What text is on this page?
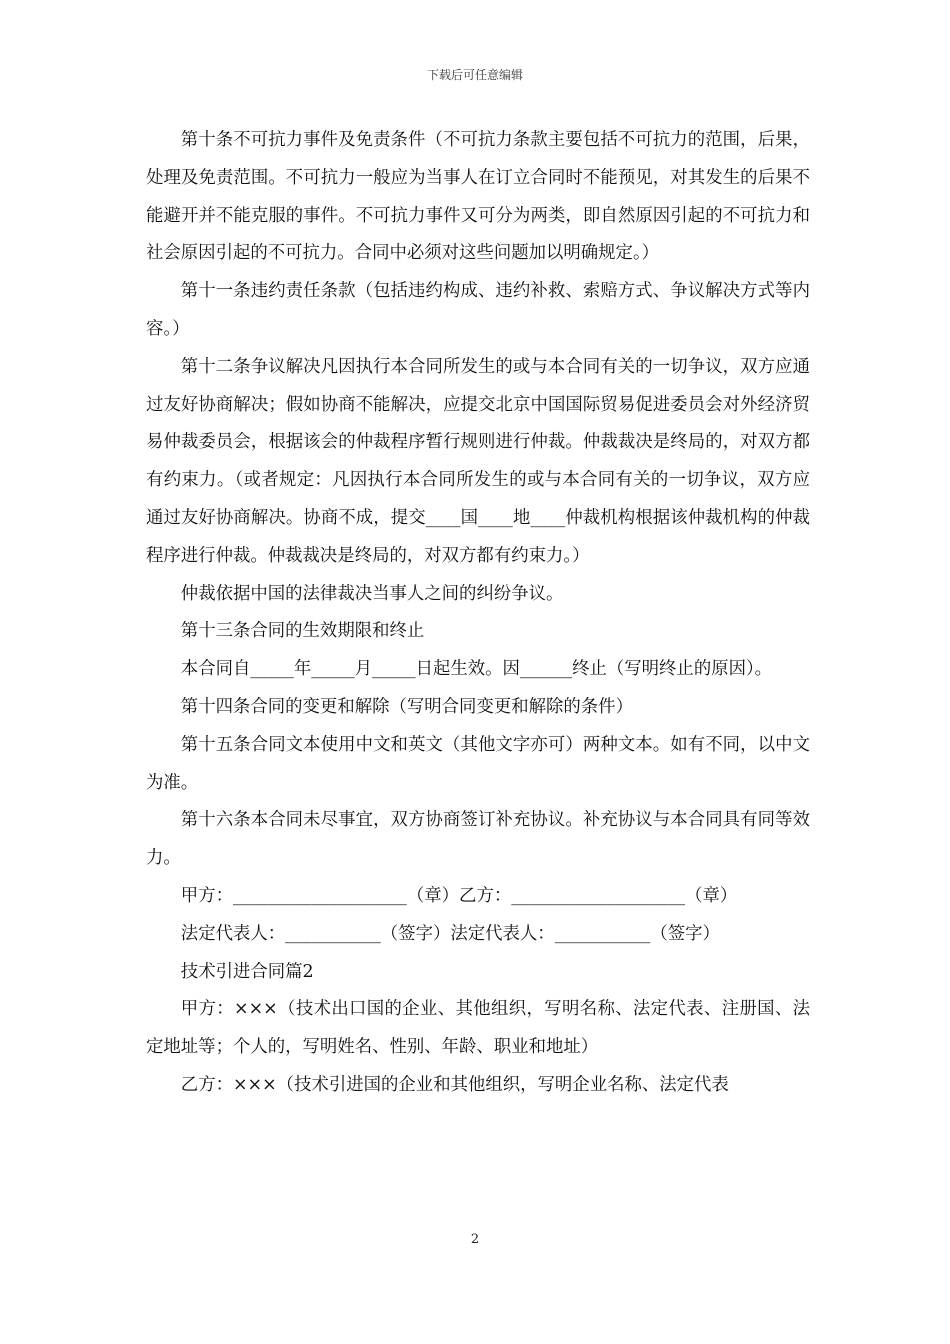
下载后可任意编辑

第十条不可抗力事件及免责条件（不可抗力条款主要包括不可抗力的范围，后果，处理及免责范围。不可抗力一般应为当事人在订立合同时不能预见，对其发生的后果不能避开并不能克服的事件。不可抗力事件又可分为两类，即自然原因引起的不可抗力和社会原因引起的不可抗力。合同中必须对这些问题加以明确规定。）

第十一条违约责任条款（包括违约构成、违约补救、索赔方式、争议解决方式等内容。）

第十二条争议解决凡因执行本合同所发生的或与本合同有关的一切争议，双方应通过友好协商解决；假如协商不能解决，应提交北京中国国际贸易促进委员会对外经济贸易仲裁委员会，根据该会的仲裁程序暂行规则进行仲裁。仲裁裁决是终局的，对双方都有约束力。（或者规定：凡因执行本合同所发生的或与本合同有关的一切争议，双方应通过友好协商解决。协商不成，提交____国____地____仲裁机构根据该仲裁机构的仲裁程序进行仲裁。仲裁裁决是终局的，对双方都有约束力。）

仲裁依据中国的法律裁决当事人之间的纠纷争议。

第十三条合同的生效期限和终止

本合同自_____年_____月_____日起生效。因______终止（写明终止的原因）。

第十四条合同的变更和解除（写明合同变更和解除的条件）

第十五条合同文本使用中文和英文（其他文字亦可）两种文本。如有不同，以中文为准。

第十六条本合同未尽事宜，双方协商签订补充协议。补充协议与本合同具有同等效力。

甲方：____________________（章）乙方：____________________（章）

法定代表人：___________（签字）法定代表人：___________（签字）

技术引进合同篇2

甲方：×××（技术出口国的企业、其他组织，写明名称、法定代表、注册国、法定地址等；个人的，写明姓名、性别、年龄、职业和地址）

乙方：×××（技术引进国的企业和其他组织，写明企业名称、法定代表

2
